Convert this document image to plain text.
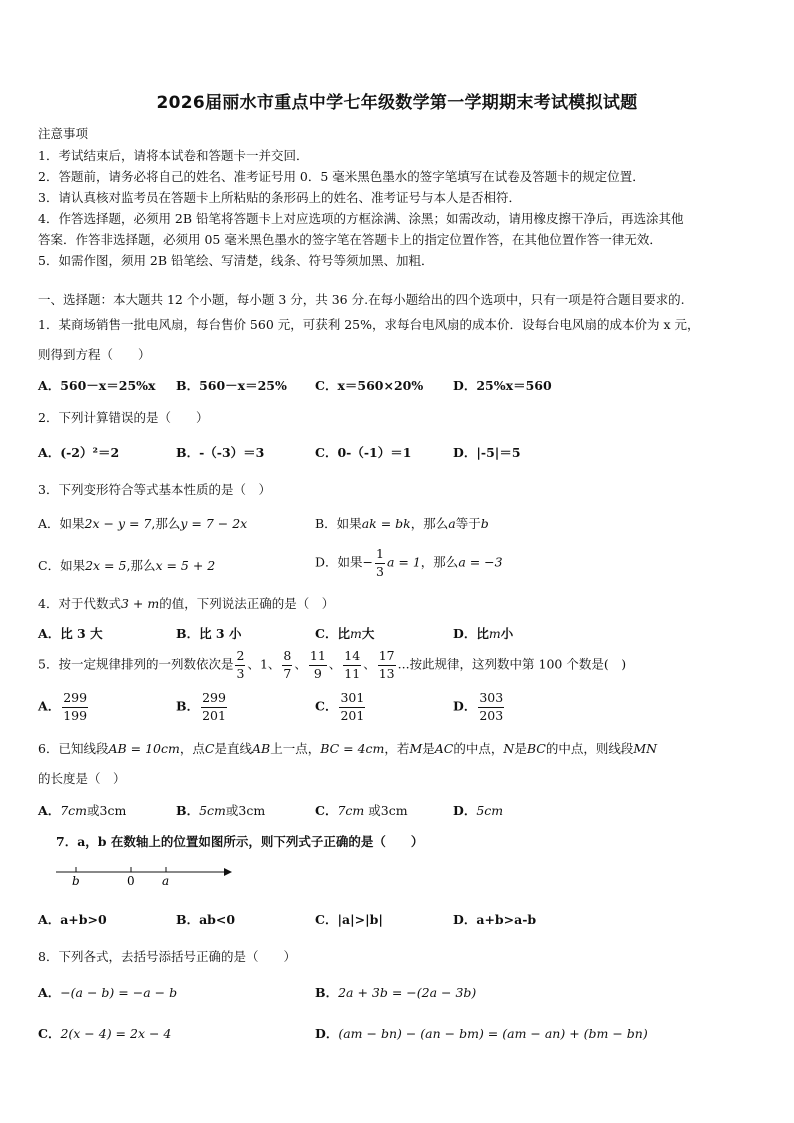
2026届丽水市重点中学七年级数学第一学期期末考试模拟试题
注意事项
1．考试结束后，请将本试卷和答题卡一并交回．
2．答题前，请务必将自己的姓名、准考证号用 0．5 毫米黑色墨水的签字笔填写在试卷及答题卡的规定位置．
3．请认真核对监考员在答题卡上所粘贴的条形码上的姓名、准考证号与本人是否相符．
4．作答选择题，必须用 2B 铅笔将答题卡上对应选项的方框涂满、涂黑；如需改动，请用橡皮擦干净后，再选涂其他
答案．作答非选择题，必须用 05 毫米黑色墨水的签字笔在答题卡上的指定位置作答，在其他位置作答一律无效．
5．如需作图，须用 2B 铅笔绘、写清楚，线条、符号等须加黑、加粗．
一、选择题：本大题共 12 个小题，每小题 3 分，共 36 分.在每小题给出的四个选项中，只有一项是符合题目要求的.
1．某商场销售一批电风扇，每台售价 560 元，可获利 25%，求每台电风扇的成本价．设每台电风扇的成本价为 x 元，
则得到方程（　　）
A．560－x＝25%x B．560－x＝25% C．x＝560×20% D．25%x＝560
2．下列计算错误的是（　　）
A．(-2）²＝2	B．-（-3）＝3	C．0-（-1）＝1	D．|-5|＝5
3．下列变形符合等式基本性质的是（　）
A．如果2x − y = 7,那么y = 7 − 2x	B．如果ak = bk，那么a等于b
C．如果2x = 5,那么x = 5 + 2	D．如果− $\frac{1}{3}$ a = 1，那么a = −3
4．对于代数式3 + m的值，下列说法正确的是（　）
A．比 3 大	B．比 3 小	C．比m大	D．比m小
5．按一定规律排列的一列数依次是 $\frac{2}{3}$ 、1、 $\frac{8}{7}$ 、 $\frac{11}{9}$ 、 $\frac{14}{11}$ 、 $\frac{17}{13}$ ...按此规律，这列数中第 100 个数是(　)
A． $\frac{299}{199}$	B． $\frac{299}{201}$	C． $\frac{301}{201}$	D． $\frac{303}{203}$
6．已知线段AB = 10cm，点C是直线AB上一点，BC = 4cm，若M是AC的中点，N是BC的中点，则线段MN
的长度是（　）
A．7cm或3cm	B．5cm或3cm	C．7cm 或3cm	D．5cm
7．a，b 在数轴上的位置如图所示，则下列式子正确的是（　　）
b	0 a
A．a+b>0	B．ab<0	C．|a|>|b|	D．a+b>a-b
8．下列各式，去括号添括号正确的是（　　）
A．−(a − b) = −a − b	B．2a + 3b = −(2a − 3b)
C．2(x − 4) = 2x − 4	D．(am − bn) − (an − bm) = (am − an) + (bm − bn)
